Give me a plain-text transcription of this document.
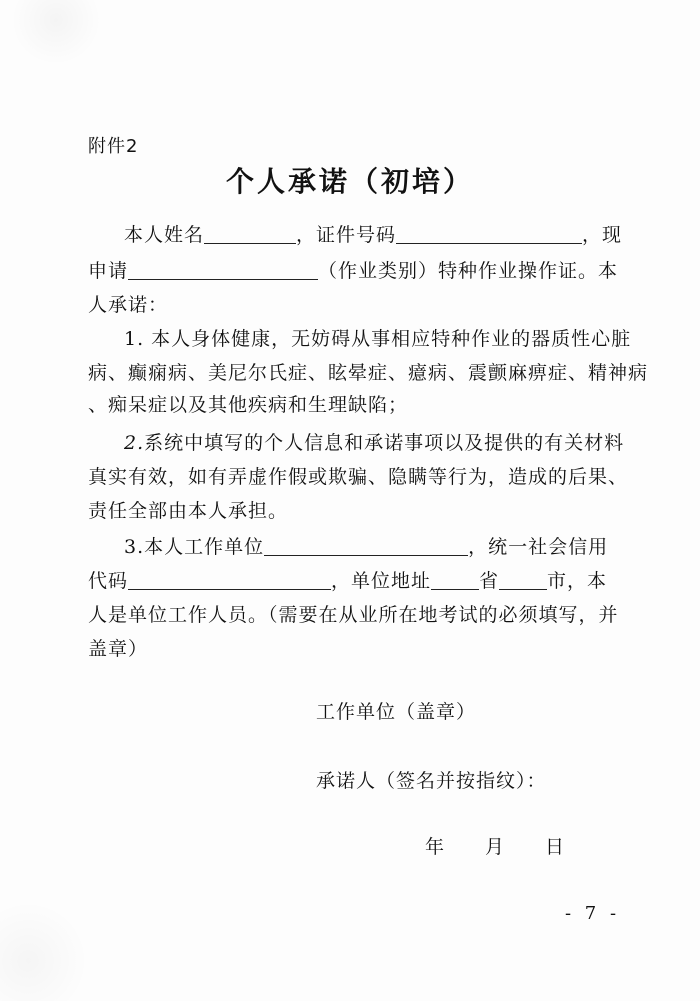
附件2
个人承诺（初培）
本人姓名	，证件号码	，现
申请	（作业类别）特种作业操作证。本
人承诺：
1. 本人身体健康，无妨碍从事相应特种作业的器质性心脏
病、癫痫病、美尼尔氏症、眩晕症、癔病、震颤麻痹症、精神病
、痴呆症以及其他疾病和生理缺陷；
2.系统中填写的个人信息和承诺事项以及提供的有关材料
真实有效，如有弄虚作假或欺骗、隐瞒等行为，造成的后果、
责任全部由本人承担。
3.本人工作单位	，统一社会信用
代码	，单位地址	省	市，本
人是单位工作人员。（需要在从业所在地考试的必须填写，并
盖章）
工作单位（盖章）
承诺人（签名并按指纹）：
年 月 日
- 7 -
